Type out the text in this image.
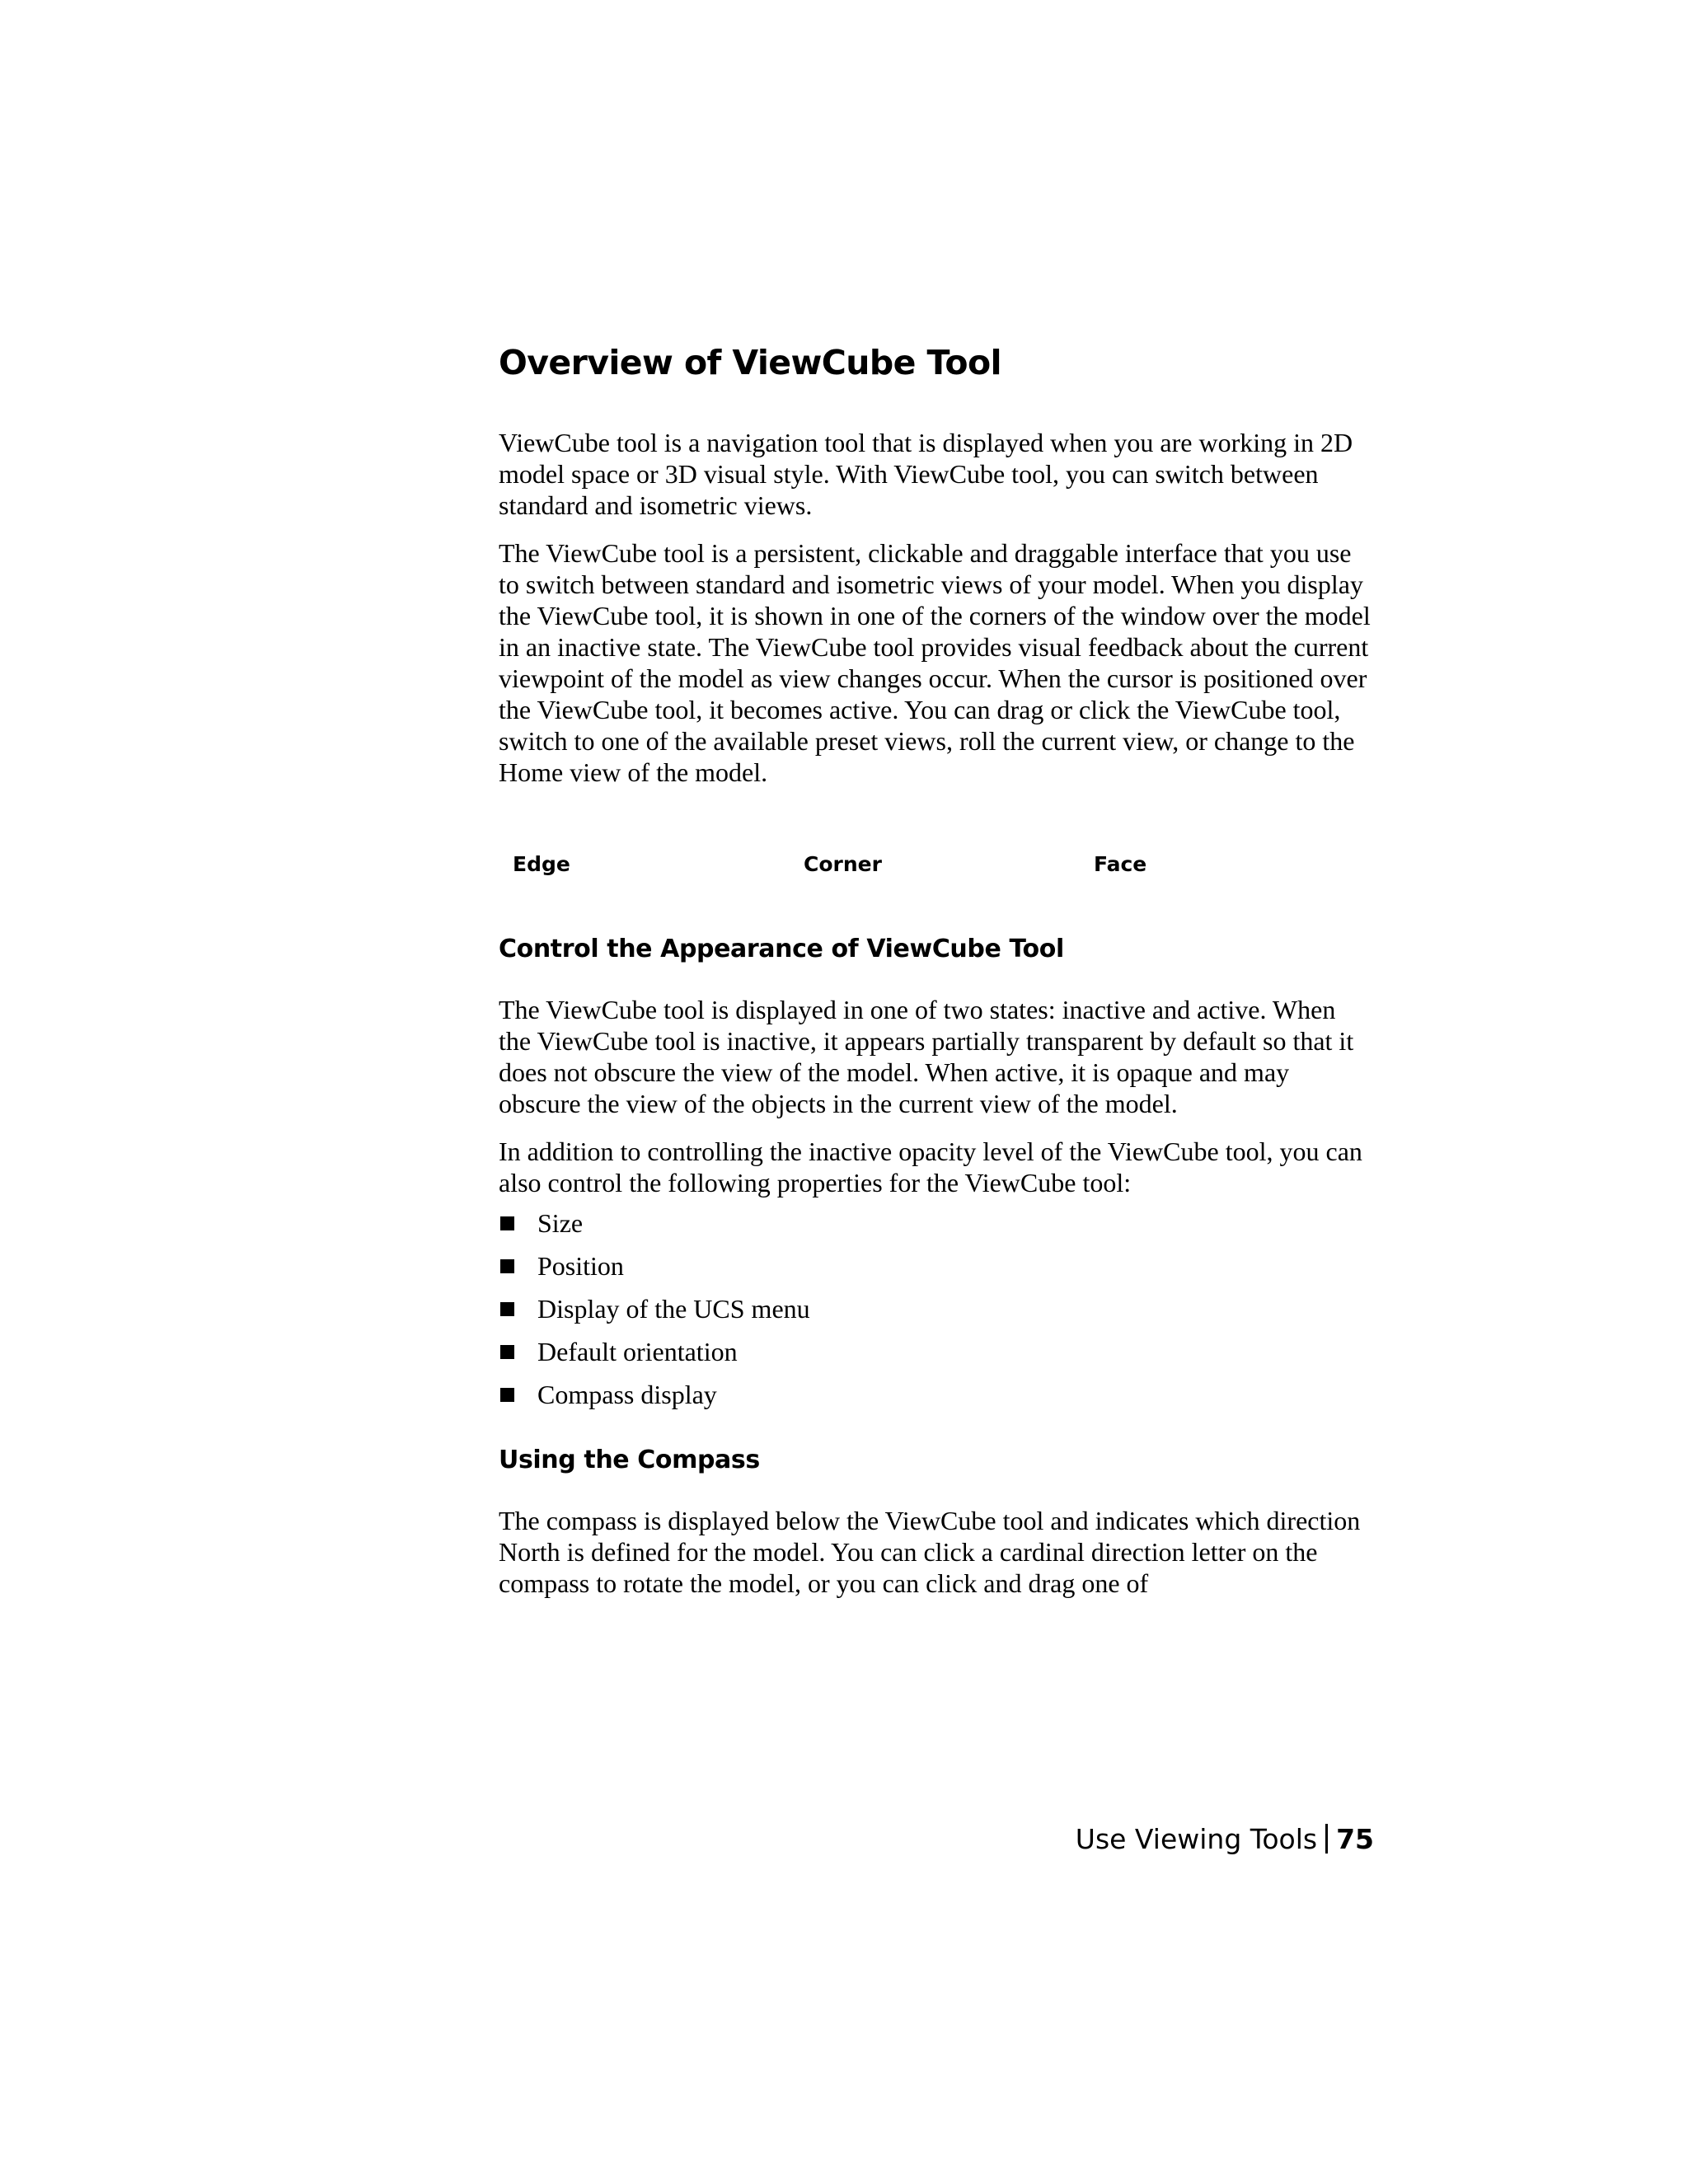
Overview of ViewCube Tool

ViewCube tool is a navigation tool that is displayed when you are working in 2D model space or 3D visual style. With ViewCube tool, you can switch between standard and isometric views.

The ViewCube tool is a persistent, clickable and draggable interface that you use to switch between standard and isometric views of your model. When you display the ViewCube tool, it is shown in one of the corners of the window over the model in an inactive state. The ViewCube tool provides visual feedback about the current viewpoint of the model as view changes occur. When the cursor is positioned over the ViewCube tool, it becomes active. You can drag or click the ViewCube tool, switch to one of the available preset views, roll the current view, or change to the Home view of the model.

Edge	Corner	Face
Control the Appearance of ViewCube Tool

The ViewCube tool is displayed in one of two states: inactive and active. When the ViewCube tool is inactive, it appears partially transparent by default so that it does not obscure the view of the model. When active, it is opaque and may obscure the view of the objects in the current view of the model.

In addition to controlling the inactive opacity level of the ViewCube tool, you can also control the following properties for the ViewCube tool:

Size
Position
Display of the UCS menu
Default orientation
Compass display
Using the Compass

The compass is displayed below the ViewCube tool and indicates which direction North is defined for the model. You can click a cardinal direction letter on the compass to rotate the model, or you can click and drag one of

Use Viewing Tools 75
